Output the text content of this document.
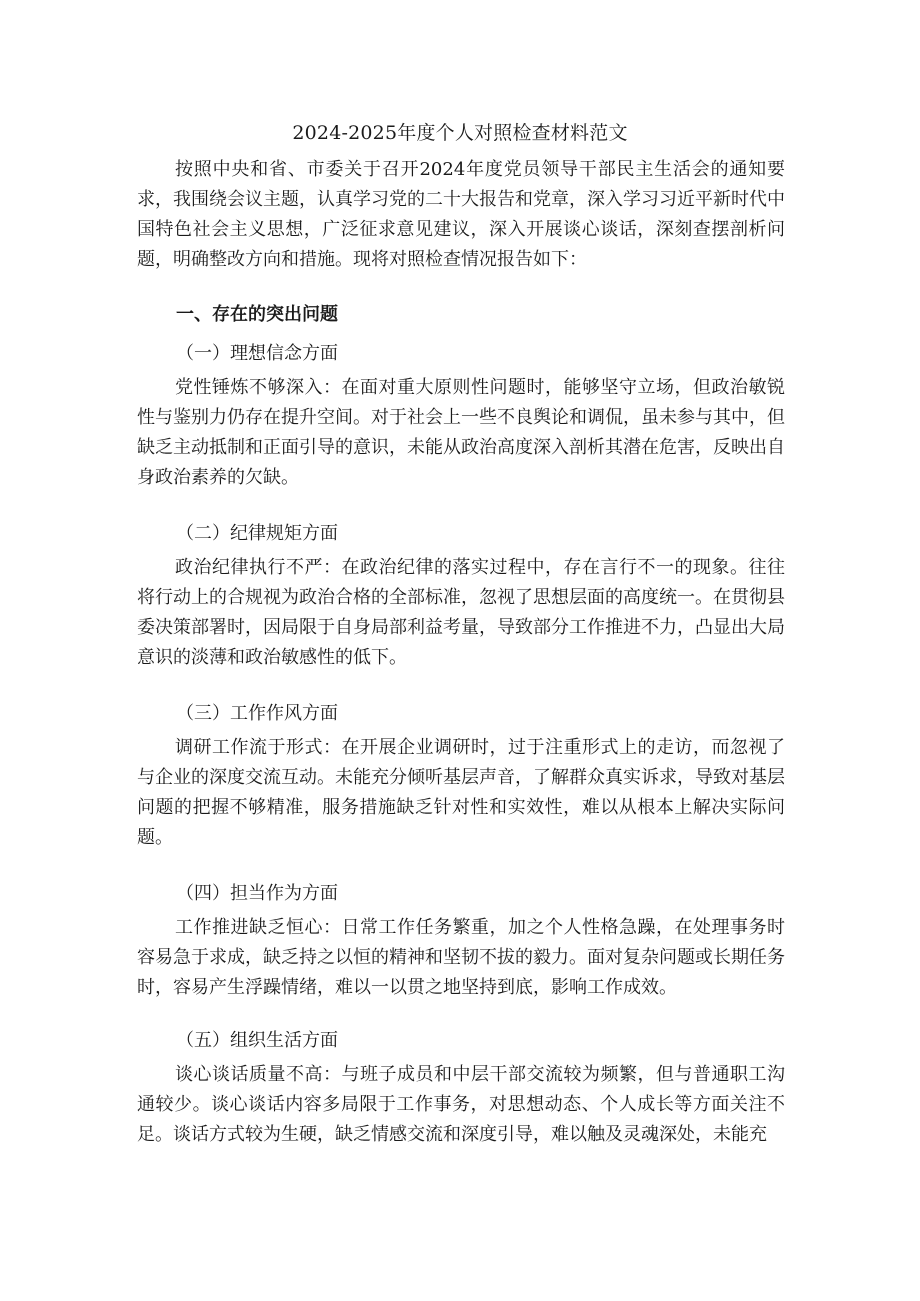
2024-2025年度个人对照检查材料范文

按照中央和省、市委关于召开2024年度党员领导干部民主生活会的通知要求，我围绕会议主题，认真学习党的二十大报告和党章，深入学习习近平新时代中国特色社会主义思想，广泛征求意见建议，深入开展谈心谈话，深刻查摆剖析问题，明确整改方向和措施。现将对照检查情况报告如下：

一、存在的突出问题
（一）理想信念方面

党性锤炼不够深入：在面对重大原则性问题时，能够坚守立场，但政治敏锐性与鉴别力仍存在提升空间。对于社会上一些不良舆论和调侃，虽未参与其中，但缺乏主动抵制和正面引导的意识，未能从政治高度深入剖析其潜在危害，反映出自身政治素养的欠缺。

（二）纪律规矩方面

政治纪律执行不严：在政治纪律的落实过程中，存在言行不一的现象。往往将行动上的合规视为政治合格的全部标准，忽视了思想层面的高度统一。在贯彻县委决策部署时，因局限于自身局部利益考量，导致部分工作推进不力，凸显出大局意识的淡薄和政治敏感性的低下。

（三）工作作风方面

调研工作流于形式：在开展企业调研时，过于注重形式上的走访，而忽视了与企业的深度交流互动。未能充分倾听基层声音，了解群众真实诉求，导致对基层问题的把握不够精准，服务措施缺乏针对性和实效性，难以从根本上解决实际问题。

（四）担当作为方面

工作推进缺乏恒心：日常工作任务繁重，加之个人性格急躁，在处理事务时容易急于求成，缺乏持之以恒的精神和坚韧不拔的毅力。面对复杂问题或长期任务时，容易产生浮躁情绪，难以一以贯之地坚持到底，影响工作成效。

（五）组织生活方面

谈心谈话质量不高：与班子成员和中层干部交流较为频繁，但与普通职工沟通较少。谈心谈话内容多局限于工作事务，对思想动态、个人成长等方面关注不足。谈话方式较为生硬，缺乏情感交流和深度引导，难以触及灵魂深处，未能充
